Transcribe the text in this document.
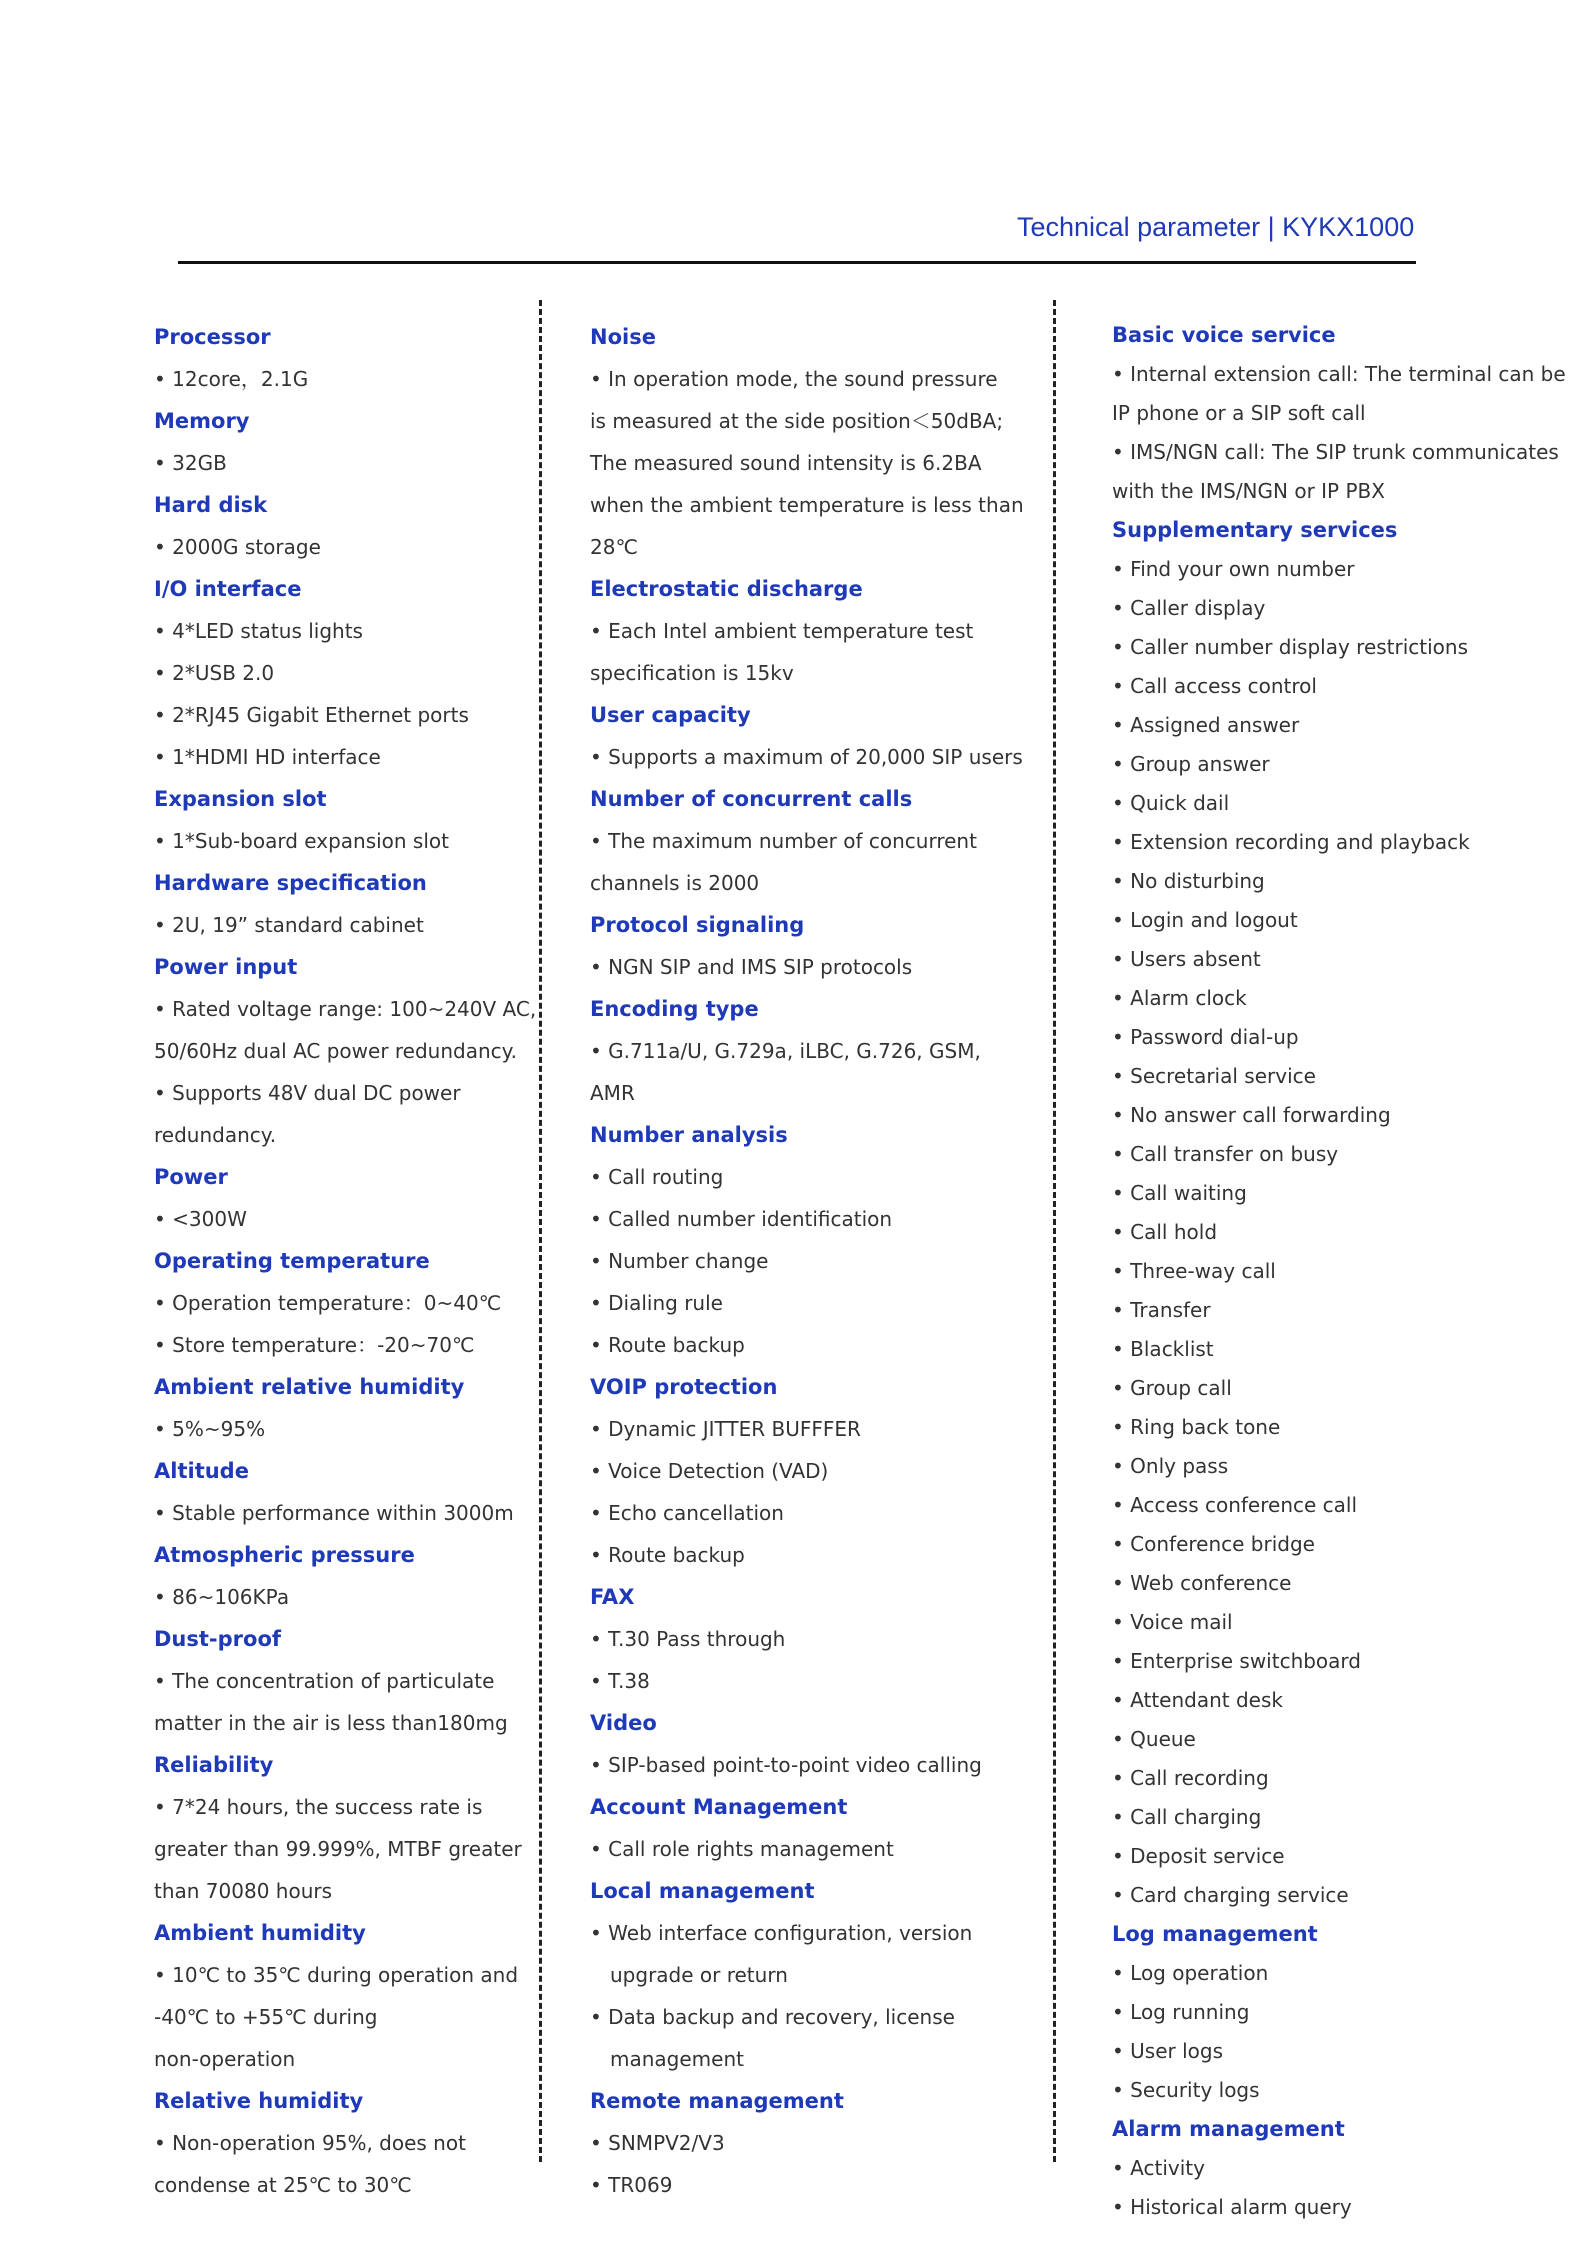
Technical parameter | KYKX1000
Processor
• 12core，2.1G
Memory
• 32GB
Hard disk
• 2000G storage
I/O interface
• 4*LED status lights
• 2*USB 2.0
• 2*RJ45 Gigabit Ethernet ports
• 1*HDMI HD interface
Expansion slot
• 1*Sub-board expansion slot
Hardware specification
• 2U, 19” standard cabinet
Power input
• Rated voltage range: 100~240V AC,
50/60Hz dual AC power redundancy.
• Supports 48V dual DC power
redundancy.
Power
• <300W
Operating temperature
• Operation temperature：0~40℃
• Store temperature：-20~70℃
Ambient relative humidity
• 5%~95%
Altitude
• Stable performance within 3000m
Atmospheric pressure
• 86~106KPa
Dust-proof
• The concentration of particulate
matter in the air is less than180mg
Reliability
• 7*24 hours, the success rate is
greater than 99.999%, MTBF greater
than 70080 hours
Ambient humidity
• 10℃ to 35℃ during operation and
-40℃ to +55℃ during
non-operation
Relative humidity
• Non-operation 95%, does not
condense at 25℃ to 30℃
Noise
• In operation mode, the sound pressure
is measured at the side position＜50dBA;
The measured sound intensity is 6.2BA
when the ambient temperature is less than
28℃
Electrostatic discharge
• Each Intel ambient temperature test
specification is 15kv
User capacity
• Supports a maximum of 20,000 SIP users
Number of concurrent calls
• The maximum number of concurrent
channels is 2000
Protocol signaling
• NGN SIP and IMS SIP protocols
Encoding type
• G.711a/U, G.729a, iLBC, G.726, GSM,
AMR
Number analysis
• Call routing
• Called number identification
• Number change
• Dialing rule
• Route backup
VOIP protection
• Dynamic JITTER BUFFFER
• Voice Detection (VAD)
• Echo cancellation
• Route backup
FAX
• T.30 Pass through
• T.38
Video
• SIP-based point-to-point video calling
Account Management
• Call role rights management
Local management
• Web interface configuration, version
upgrade or return
• Data backup and recovery, license
management
Remote management
• SNMPV2/V3
• TR069
Basic voice service
• Internal extension call: The terminal can be
IP phone or a SIP soft call
• IMS/NGN call: The SIP trunk communicates
with the IMS/NGN or IP PBX
Supplementary services
• Find your own number
• Caller display
• Caller number display restrictions
• Call access control
• Assigned answer
• Group answer
• Quick dail
• Extension recording and playback
• No disturbing
• Login and logout
• Users absent
• Alarm clock
• Password dial-up
• Secretarial service
• No answer call forwarding
• Call transfer on busy
• Call waiting
• Call hold
• Three-way call
• Transfer
• Blacklist
• Group call
• Ring back tone
• Only pass
• Access conference call
• Conference bridge
• Web conference
• Voice mail
• Enterprise switchboard
• Attendant desk
• Queue
• Call recording
• Call charging
• Deposit service
• Card charging service
Log management
• Log operation
• Log running
• User logs
• Security logs
Alarm management
• Activity
• Historical alarm query
